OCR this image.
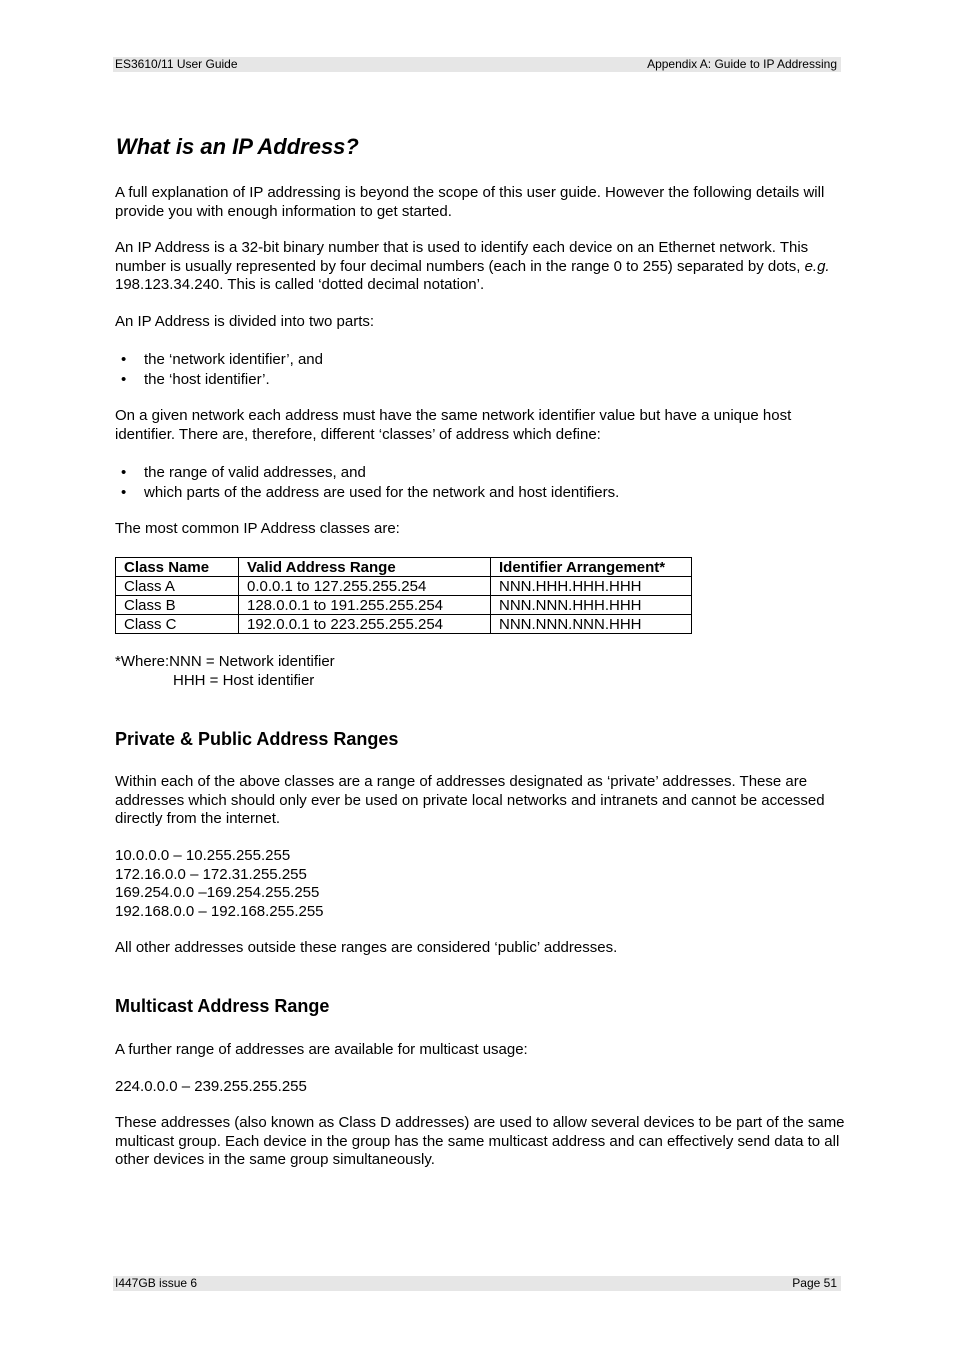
ES3610/11 User Guide	Appendix A: Guide to IP Addressing
What is an IP Address?
A full explanation of IP addressing is beyond the scope of this user guide. However the following details will provide you with enough information to get started.
An IP Address is a 32-bit binary number that is used to identify each device on an Ethernet network. This number is usually represented by four decimal numbers (each in the range 0 to 255) separated by dots, e.g. 198.123.34.240. This is called ‘dotted decimal notation’.
An IP Address is divided into two parts:
• the ‘network identifier’, and
• the ‘host identifier’.
On a given network each address must have the same network identifier value but have a unique host identifier. There are, therefore, different ‘classes’ of address which define:
• the range of valid addresses, and
• which parts of the address are used for the network and host identifiers.
The most common IP Address classes are:
Class Name	Valid Address Range	Identifier Arrangement*
Class A	0.0.0.1 to 127.255.255.254	NNN.HHH.HHH.HHH
Class B	128.0.0.1 to 191.255.255.254	NNN.NNN.HHH.HHH
Class C	192.0.0.1 to 223.255.255.254	NNN.NNN.NNN.HHH
*Where:NNN = Network identifier
HHH = Host identifier
Private & Public Address Ranges
Within each of the above classes are a range of addresses designated as ‘private’ addresses. These are addresses which should only ever be used on private local networks and intranets and cannot be accessed directly from the internet.
10.0.0.0 – 10.255.255.255
172.16.0.0 – 172.31.255.255
169.254.0.0 –169.254.255.255
192.168.0.0 – 192.168.255.255
All other addresses outside these ranges are considered ‘public’ addresses.
Multicast Address Range
A further range of addresses are available for multicast usage:
224.0.0.0 – 239.255.255.255
These addresses (also known as Class D addresses) are used to allow several devices to be part of the same multicast group. Each device in the group has the same multicast address and can effectively send data to all other devices in the same group simultaneously.
I447GB issue 6	Page 51
